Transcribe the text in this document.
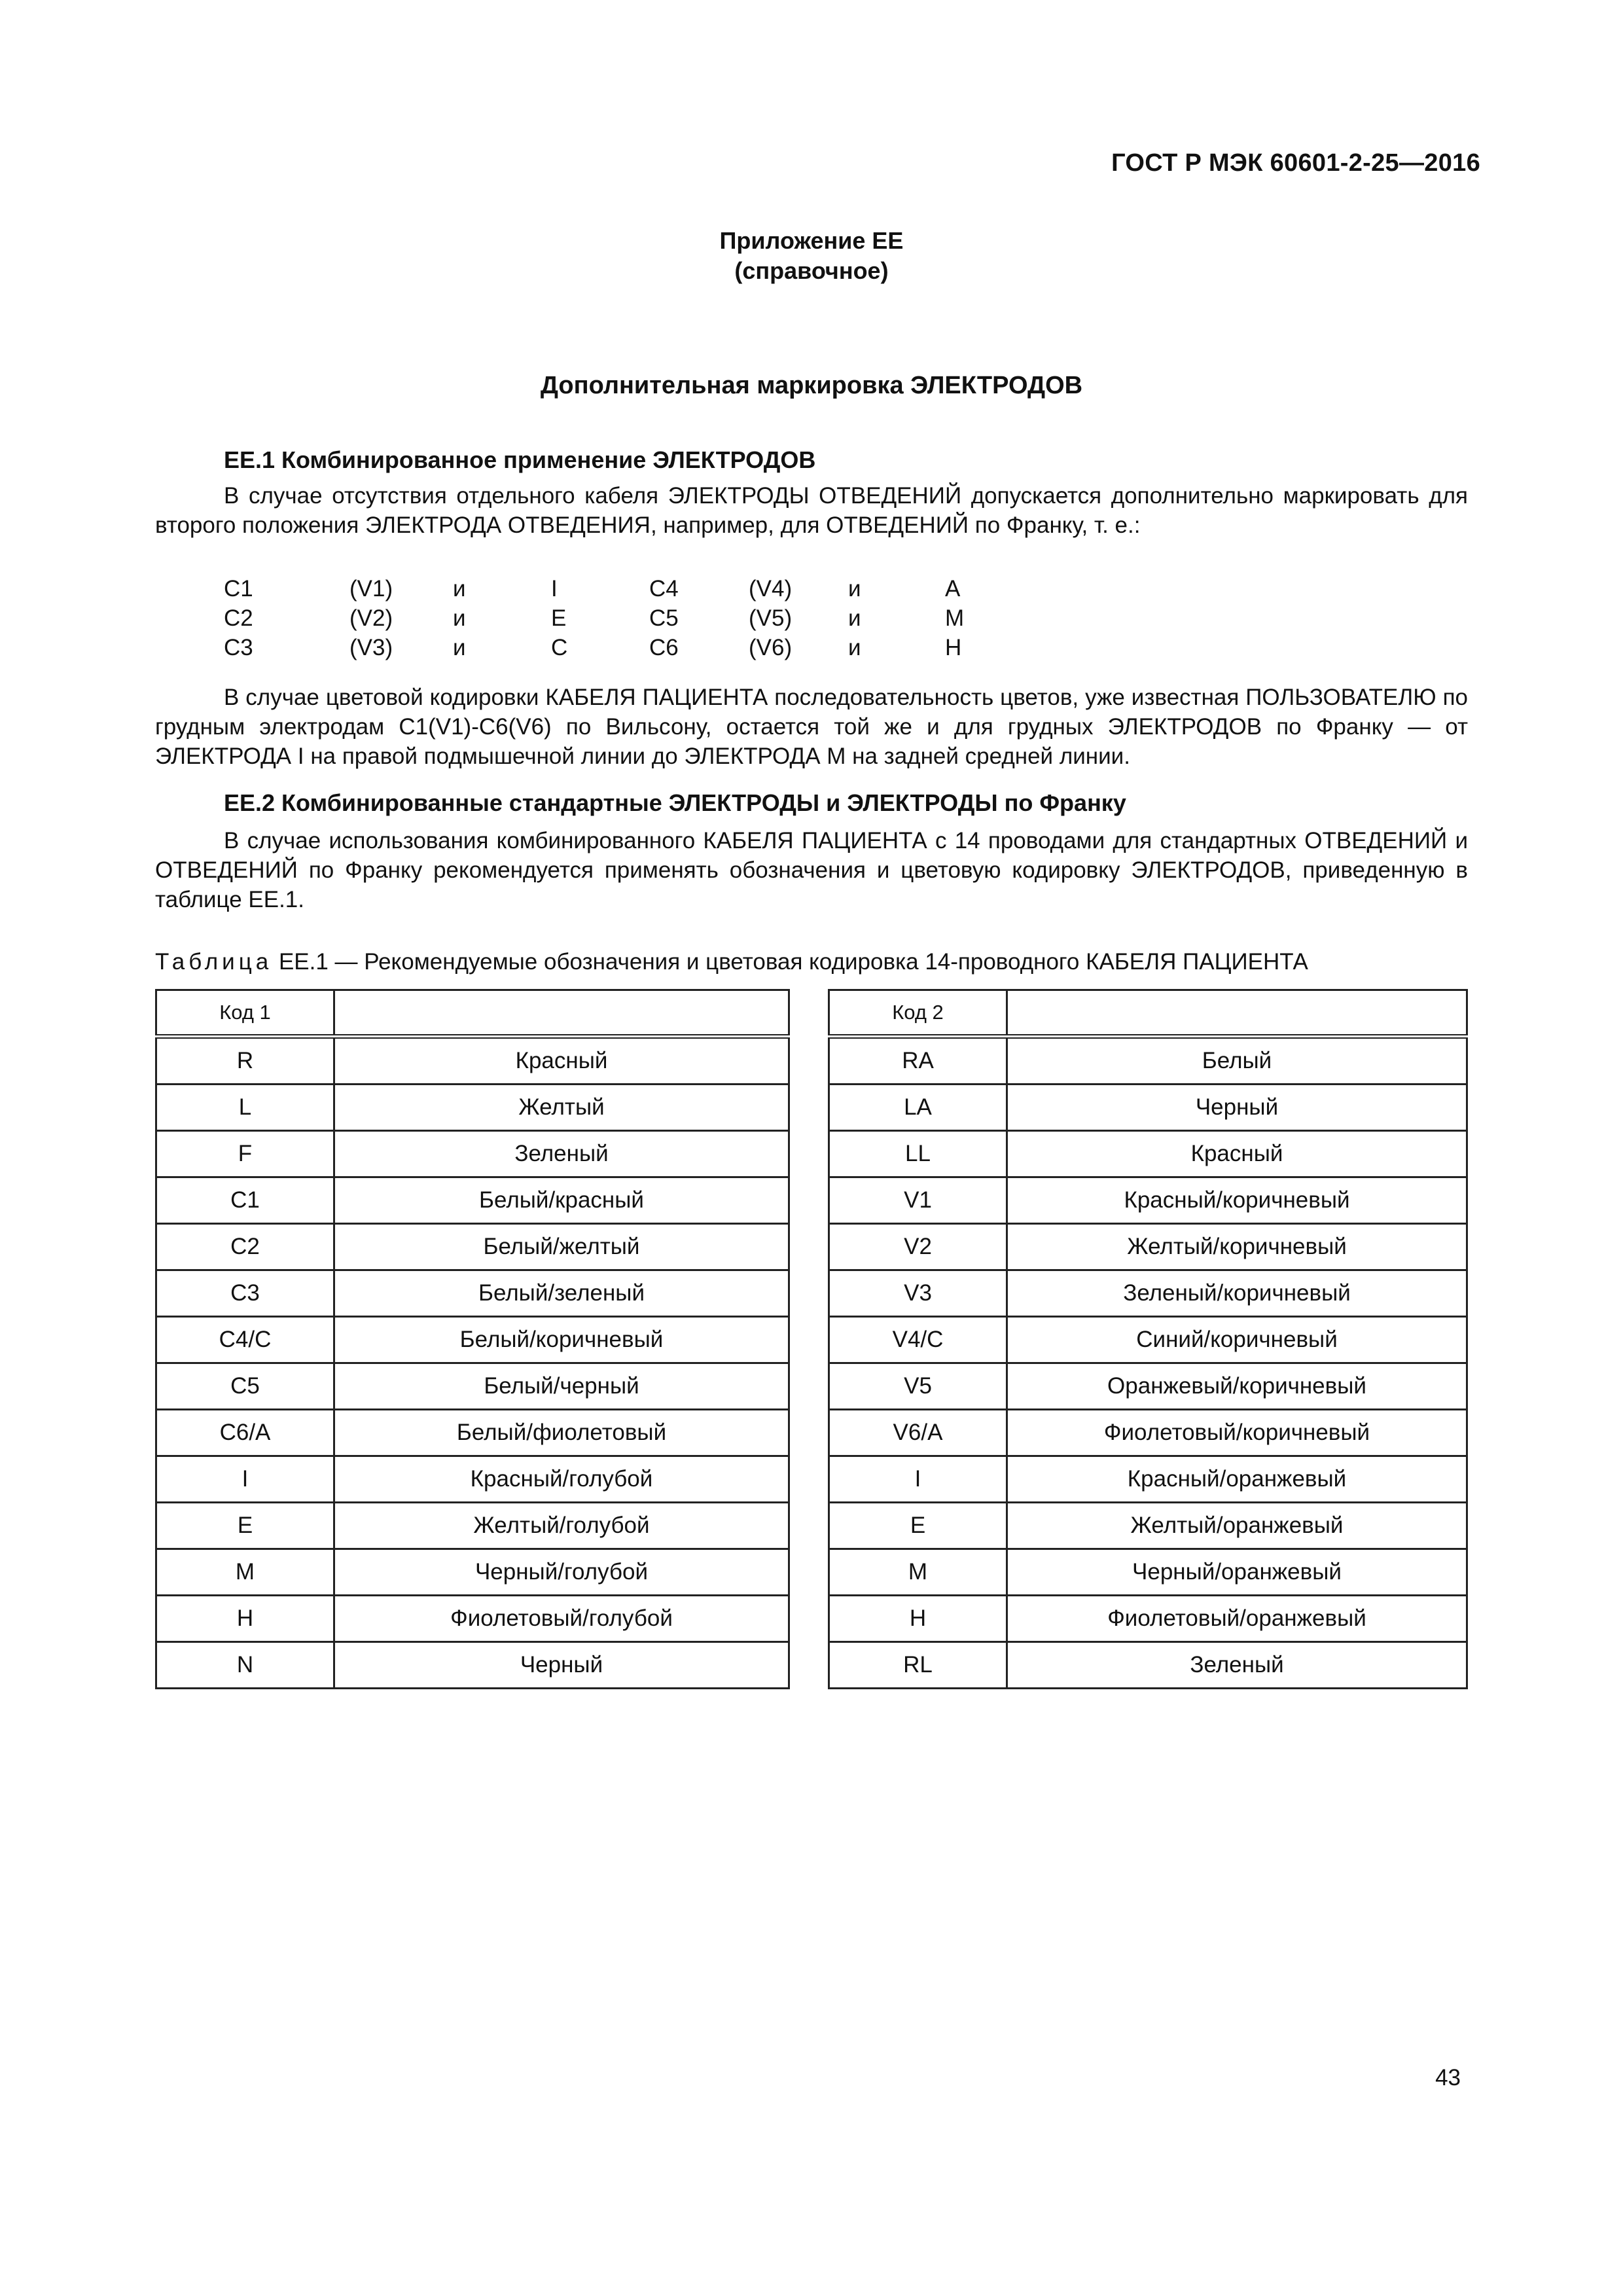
ГОСТ Р МЭК 60601-2-25—2016
Приложение ЕЕ
(справочное)
Дополнительная маркировка ЭЛЕКТРОДОВ
ЕЕ.1 Комбинированное применение ЭЛЕКТРОДОВ
В случае отсутствия отдельного кабеля ЭЛЕКТРОДЫ ОТВЕДЕНИЙ допускается дополнительно маркировать для второго положения ЭЛЕКТРОДА ОТВЕДЕНИЯ, например, для ОТВЕДЕНИЙ по Франку, т. е.:
С1	(V1)	и	I	С4	(V4)	и	А
С2	(V2)	и	Е	С5	(V5)	и	М
С3	(V3)	и	С	С6	(V6)	и	Н
В случае цветовой кодировки КАБЕЛЯ ПАЦИЕНТА последовательность цветов, уже известная ПОЛЬЗОВАТЕЛЮ по грудным электродам С1(V1)-С6(V6) по Вильсону, остается той же и для грудных ЭЛЕКТРОДОВ по Франку — от ЭЛЕКТРОДА I на правой подмышечной линии до ЭЛЕКТРОДА М на задней средней линии.
ЕЕ.2 Комбинированные стандартные ЭЛЕКТРОДЫ и ЭЛЕКТРОДЫ по Франку
В случае использования комбинированного КАБЕЛЯ ПАЦИЕНТА с 14 проводами для стандартных ОТВЕДЕНИЙ и ОТВЕДЕНИЙ по Франку рекомендуется применять обозначения и цветовую кодировку ЭЛЕКТРОДОВ, приведенную в таблице ЕЕ.1.
Таблица ЕЕ.1 — Рекомендуемые обозначения и цветовая кодировка 14-проводного КАБЕЛЯ ПАЦИЕНТА
Код 1	
R	Красный
L	Желтый
F	Зеленый
С1	Белый/красный
С2	Белый/желтый
С3	Белый/зеленый
С4/С	Белый/коричневый
С5	Белый/черный
С6/А	Белый/фиолетовый
I	Красный/голубой
Е	Желтый/голубой
М	Черный/голубой
Н	Фиолетовый/голубой
N	Черный
Код 2	
RA	Белый
LA	Черный
LL	Красный
V1	Красный/коричневый
V2	Желтый/коричневый
V3	Зеленый/коричневый
V4/С	Синий/коричневый
V5	Оранжевый/коричневый
V6/А	Фиолетовый/коричневый
I	Красный/оранжевый
Е	Желтый/оранжевый
М	Черный/оранжевый
Н	Фиолетовый/оранжевый
RL	Зеленый
43
